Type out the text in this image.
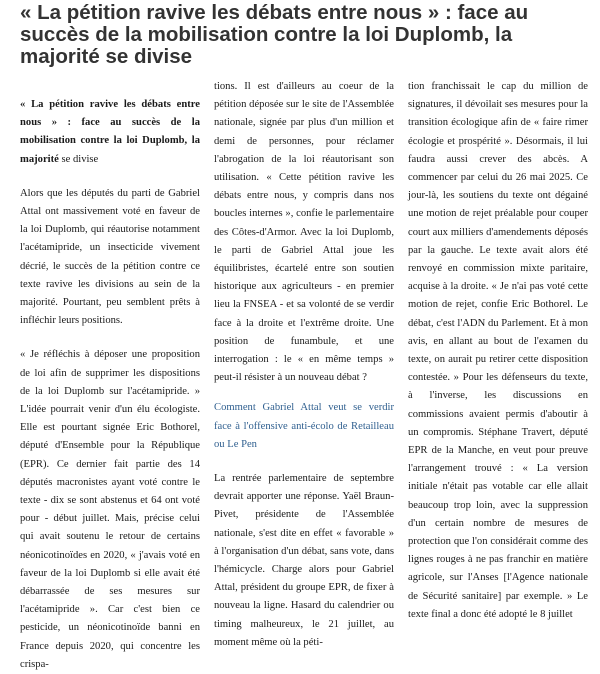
« La pétition ravive les débats entre nous » : face au succès de la mobilisation contre la loi Duplomb, la majorité se divise

« La pétition ravive les débats entre nous » : face au succès de la mobilisation contre la loi Duplomb, la majorité se divise

Alors que les députés du parti de Gabriel Attal ont massivement voté en faveur de la loi Duplomb, qui réautorise notamment l'acétamipride, un insecticide vivement décrié, le succès de la pétition contre ce texte ravive les divisions au sein de la majorité. Pourtant, peu semblent prêts à infléchir leurs positions.

« Je réfléchis à déposer une proposition de loi afin de supprimer les dispositions de la loi Duplomb sur l'acétamipride. » L'idée pourrait venir d'un élu écologiste. Elle est pourtant signée Eric Bothorel, député d'Ensemble pour la République (EPR). Ce dernier fait partie des 14 députés macronistes ayant voté contre le texte - dix se sont abstenus et 64 ont voté pour - début juillet. Mais, précise celui qui avait soutenu le retour de certains néonicotinoïdes en 2020, « j'avais voté en faveur de la loi Duplomb si elle avait été débarrassée de ses mesures sur l'acétamipride ». Car c'est bien ce pesticide, un néonicotinoïde banni en France depuis 2020, qui concentre les crispa-

tions. Il est d'ailleurs au coeur de la pétition déposée sur le site de l'Assemblée nationale, signée par plus d'un million et demi de personnes, pour réclamer l'abrogation de la loi réautorisant son utilisation. « Cette pétition ravive les débats entre nous, y compris dans nos boucles internes », confie le parlementaire des Côtes-d'Armor. Avec la loi Duplomb, le parti de Gabriel Attal joue les équilibristes, écartelé entre son soutien historique aux agriculteurs - en premier lieu la FNSEA - et sa volonté de se verdir face à la droite et l'extrême droite. Une position de funambule, et une interrogation : le « en même temps » peut-il résister à un nouveau débat ?

Comment Gabriel Attal veut se verdir face à l'offensive anti-écolo de Retailleau ou Le Pen

La rentrée parlementaire de septembre devrait apporter une réponse. Yaël Braun-Pivet, présidente de l'Assemblée nationale, s'est dite en effet « favorable » à l'organisation d'un débat, sans vote, dans l'hémicycle. Charge alors pour Gabriel Attal, président du groupe EPR, de fixer à nouveau la ligne. Hasard du calendrier ou timing malheureux, le 21 juillet, au moment même où la péti-

tion franchissait le cap du million de signatures, il dévoilait ses mesures pour la transition écologique afin de « faire rimer écologie et prospérité ». Désormais, il lui faudra aussi crever des abcès. A commencer par celui du 26 mai 2025. Ce jour-là, les soutiens du texte ont dégainé une motion de rejet préalable pour couper court aux milliers d'amendements déposés par la gauche. Le texte avait alors été renvoyé en commission mixte paritaire, acquise à la droite. « Je n'ai pas voté cette motion de rejet, confie Eric Bothorel. Le débat, c'est l'ADN du Parlement. Et à mon avis, en allant au bout de l'examen du texte, on aurait pu retirer cette disposition contestée. » Pour les défenseurs du texte, à l'inverse, les discussions en commissions avaient permis d'aboutir à un compromis. Stéphane Travert, député EPR de la Manche, en veut pour preuve l'arrangement trouvé : « La version initiale n'était pas votable car elle allait beaucoup trop loin, avec la suppression d'un certain nombre de mesures de protection que l'on considérait comme des lignes rouges à ne pas franchir en matière agricole, sur l'Anses [l'Agence nationale de Sécurité sanitaire] par exemple. » Le texte final a donc été adopté le 8 juillet
